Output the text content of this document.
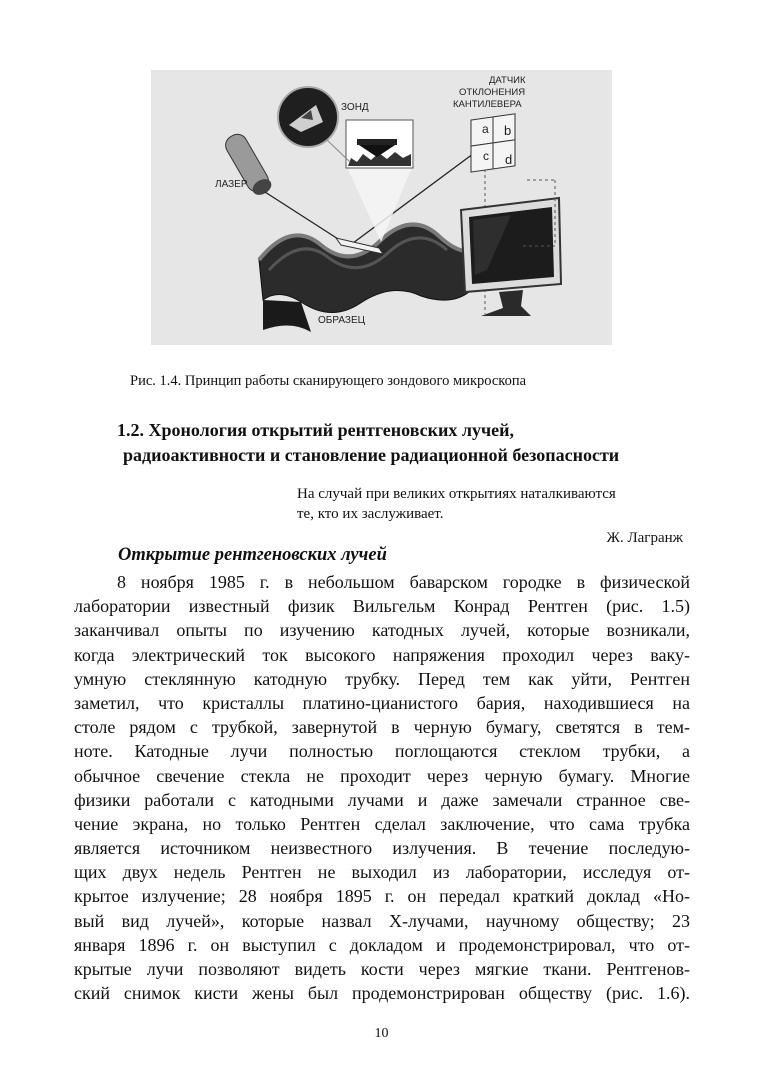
a b
c d
ЗОНД
ЛАЗЕР
ОБРАЗЕЦ
ДАТЧИК
ОТКЛОНЕНИЯ
КАНТИЛЕВЕРА
Рис. 1.4. Принцип работы сканирующего зондового микроскопа
1.2. Хронология открытий рентгеновских лучей,
радиоактивности и становление радиационной безопасности
На случай при великих открытиях наталкиваются
те, кто их заслуживает.
Ж. Лагранж
Открытие рентгеновских лучей
8 ноября 1985 г. в небольшом баварском городке в физической
лаборатории известный физик Вильгельм Конрад Рентген (рис. 1.5)
заканчивал опыты по изучению катодных лучей, которые возникали,
когда электрический ток высокого напряжения проходил через ваку-
умную стеклянную катодную трубку. Перед тем как уйти, Рентген
заметил, что кристаллы платино-цианистого бария, находившиеся на
столе рядом с трубкой, завернутой в черную бумагу, светятся в тем-
ноте. Катодные лучи полностью поглощаются стеклом трубки, а
обычное свечение стекла не проходит через черную бумагу. Многие
физики работали с катодными лучами и даже замечали странное све-
чение экрана, но только Рентген сделал заключение, что сама трубка
является источником неизвестного излучения. В течение последую-
щих двух недель Рентген не выходил из лаборатории, исследуя от-
крытое излучение; 28 ноября 1895 г. он передал краткий доклад «Но-
вый вид лучей», которые назвал X-лучами, научному обществу; 23
января 1896 г. он выступил с докладом и продемонстрировал, что от-
крытые лучи позволяют видеть кости через мягкие ткани. Рентгенов-
ский снимок кисти жены был продемонстрирован обществу (рис. 1.6).
10
